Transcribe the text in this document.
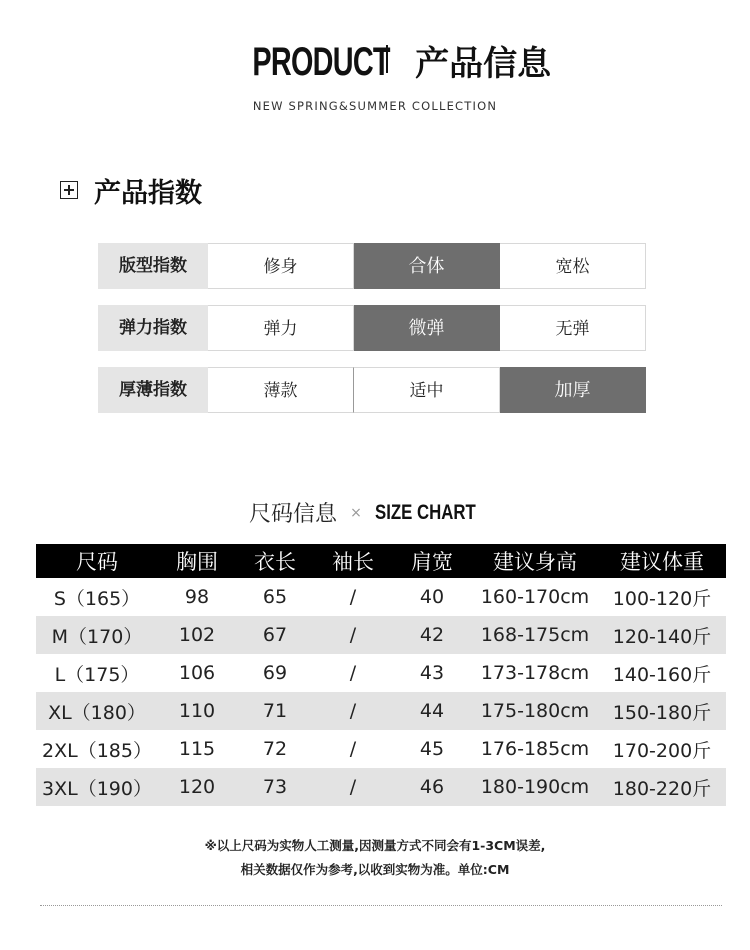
PRODUCT 产品信息
NEW SPRING&SUMMER COLLECTION
产品指数
版型指数	修身	合体	宽松
弹力指数	弹力	微弹	无弹
厚薄指数	薄款	适中	加厚
尺码信息 × SIZE CHART
尺码	胸围	衣长	袖长	肩宽	建议身高	建议体重
S（165）	98	65	/	40	160-170cm	100-120斤
M（170）	102	67	/	42	168-175cm	120-140斤
L（175）	106	69	/	43	173-178cm	140-160斤
XL（180）	110	71	/	44	175-180cm	150-180斤
2XL（185）	115	72	/	45	176-185cm	170-200斤
3XL（190）	120	73	/	46	180-190cm	180-220斤
※以上尺码为实物人工测量,因测量方式不同会有1-3CM误差,
相关数据仅作为参考,以收到实物为准。单位:CM
